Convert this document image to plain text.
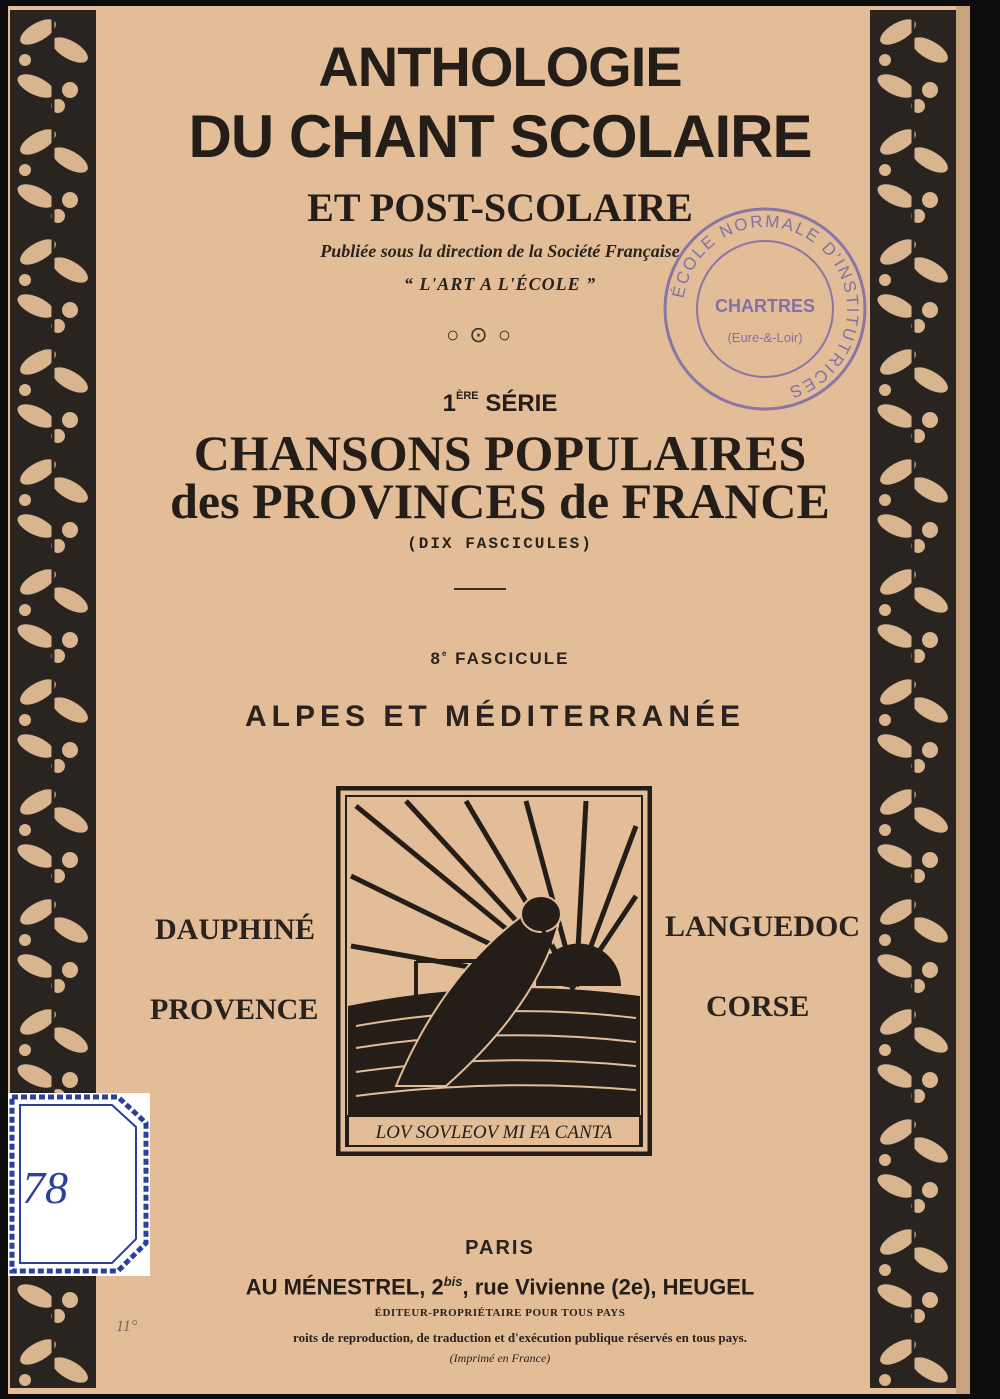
ANTHOLOGIE
DU CHANT SCOLAIRE
ET POST-SCOLAIRE
Publiée sous la direction de la Société Française
“ L'ART A L'ÉCOLE ”
○⊙○
ÉCOLE NORMALE D'INSTITUTRICES
CHARTRES
(Eure-&-Loir)
1ÈRE SÉRIE
CHANSONS POPULAIRES
des PROVINCES de FRANCE
(DIX FASCICULES)
8e FASCICULE
ALPES ET MÉDITERRANÉE
DAUPHINÉ
PROVENCE
LANGUEDOC
CORSE
LOV SOVLEOV MI FA CANTA
78
11°
PARIS
AU MÉNESTREL, $2^{bis}$, rue Vivienne (2e), HEUGEL
ÉDITEUR-PROPRIÉTAIRE POUR TOUS PAYS
roits de reproduction, de traduction et d'exécution publique réservés en tous pays.
(Imprimé en France)
